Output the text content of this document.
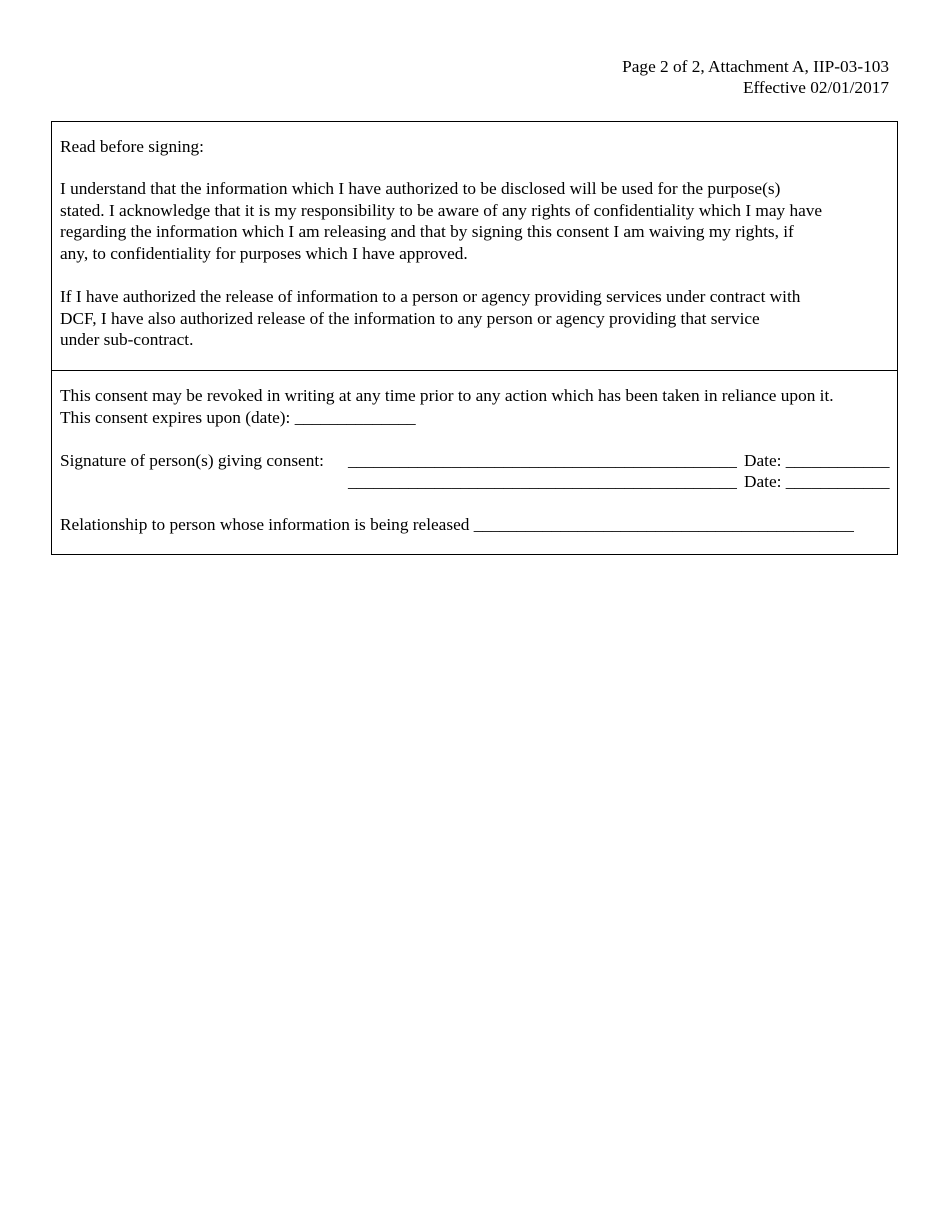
Page 2 of 2, Attachment A, IIP-03-103
Effective 02/01/2017
Read before signing:
I understand that the information which I have authorized to be disclosed will be used for the purpose(s)
stated. I acknowledge that it is my responsibility to be aware of any rights of confidentiality which I may have
regarding the information which I am releasing and that by signing this consent I am waiving my rights, if
any, to confidentiality for purposes which I have approved.
If I have authorized the release of information to a person or agency providing services under contract with
DCF, I have also authorized release of the information to any person or agency providing that service
under sub-contract.
This consent may be revoked in writing at any time prior to any action which has been taken in reliance upon it.
This consent expires upon (date): ______________
Signature of person(s) giving consent: _____________________________________________ Date: ____________
_____________________________________________ Date: ____________
Relationship to person whose information is being released ____________________________________________
